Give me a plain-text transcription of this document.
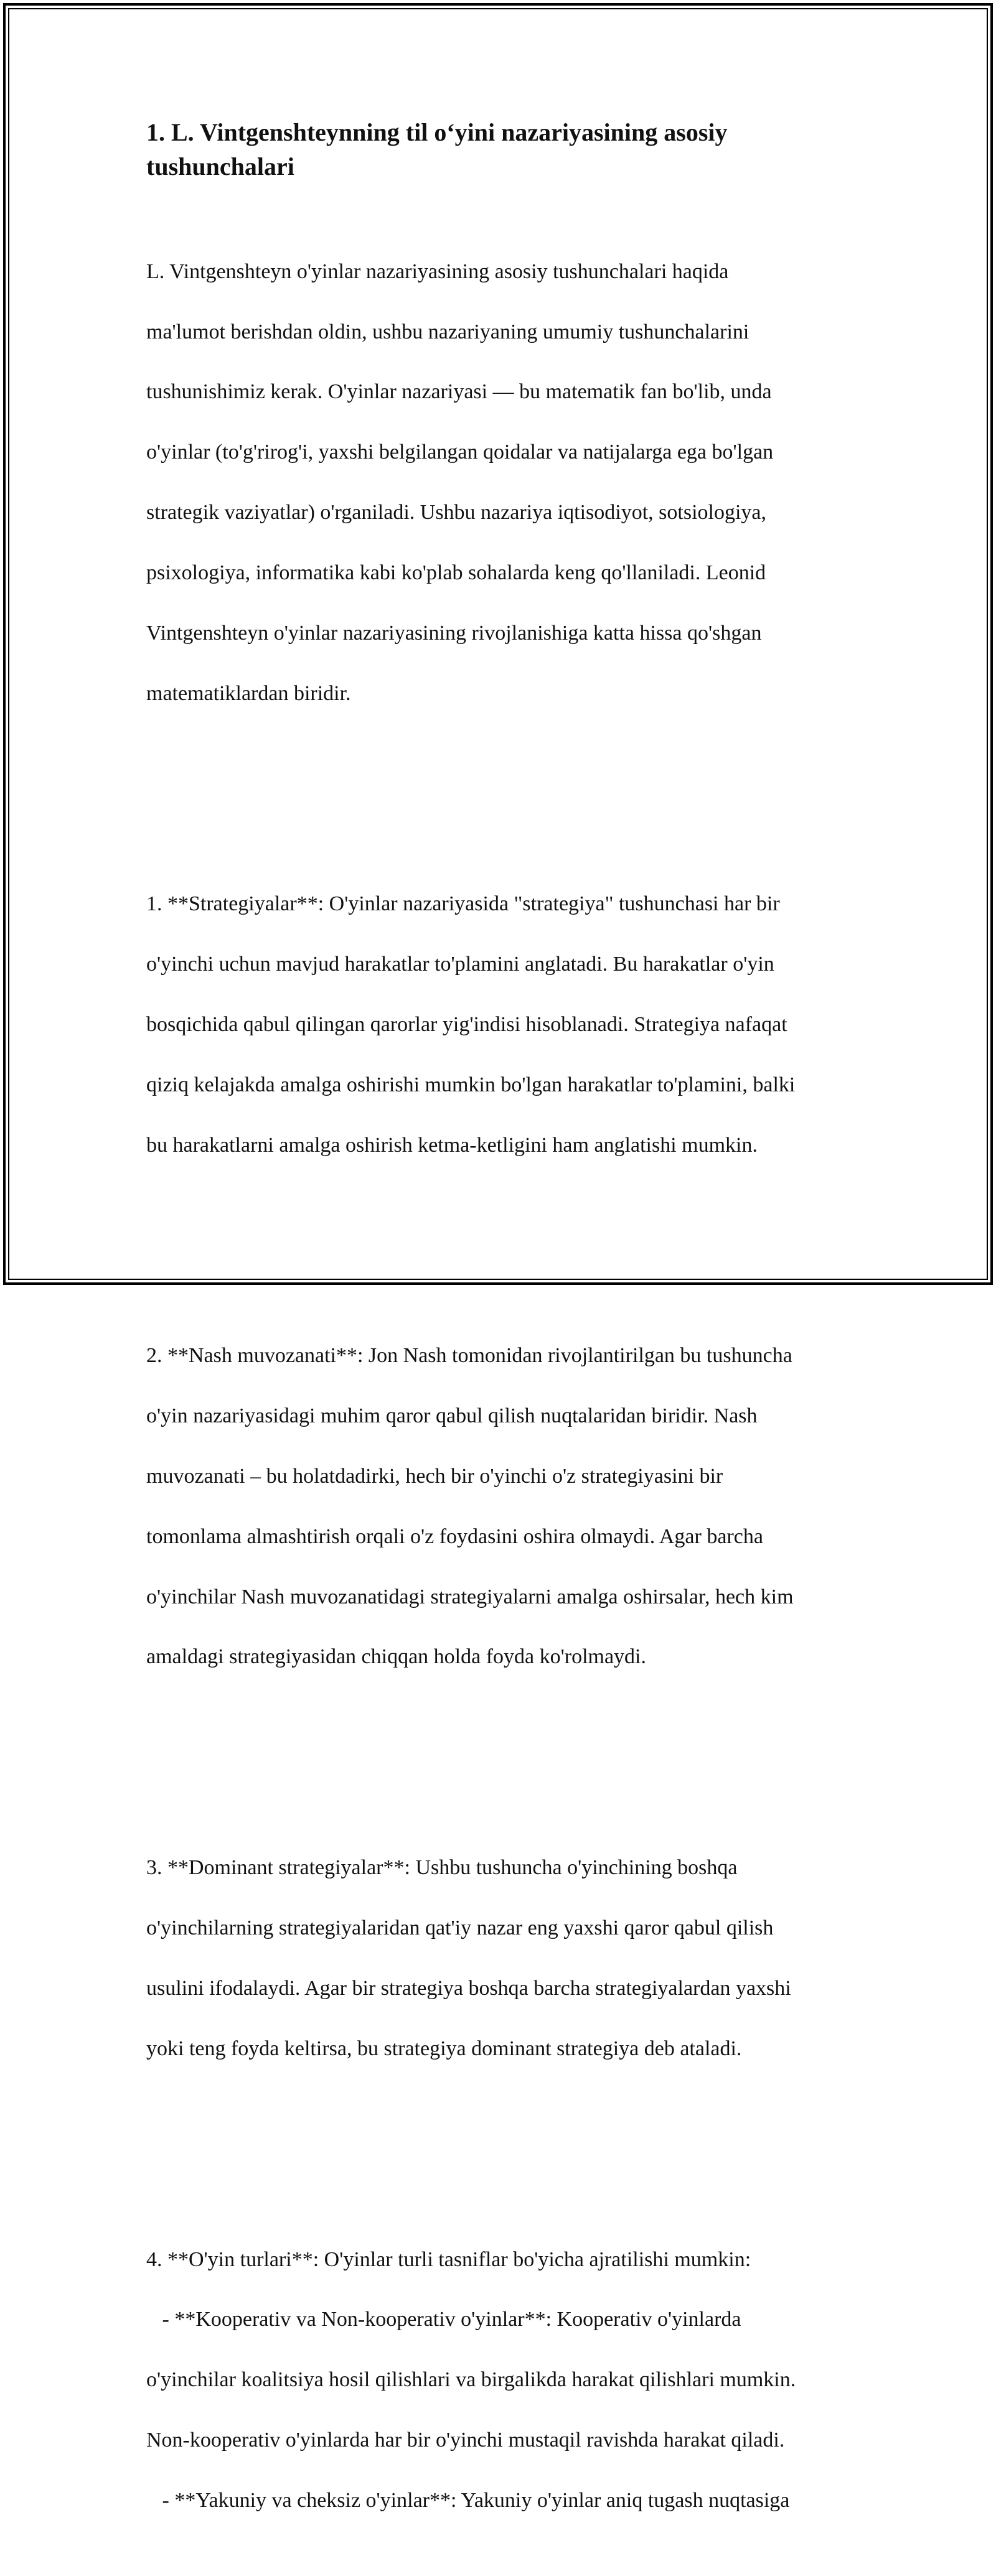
1. L. Vintgenshteynning til o‘yini nazariyasining asosiy
tushunchalari

L. Vintgenshteyn o'yinlar nazariyasining asosiy tushunchalari haqida

ma'lumot berishdan oldin, ushbu nazariyaning umumiy tushunchalarini

tushunishimiz kerak. O'yinlar nazariyasi — bu matematik fan bo'lib, unda

o'yinlar (to'g'rirog'i, yaxshi belgilangan qoidalar va natijalarga ega bo'lgan

strategik vaziyatlar) o'rganiladi. Ushbu nazariya iqtisodiyot, sotsiologiya,

psixologiya, informatika kabi ko'plab sohalarda keng qo'llaniladi. Leonid

Vintgenshteyn o'yinlar nazariyasining rivojlanishiga katta hissa qo'shgan

matematiklardan biridir.

1. **Strategiyalar**: O'yinlar nazariyasida "strategiya" tushunchasi har bir

o'yinchi uchun mavjud harakatlar to'plamini anglatadi. Bu harakatlar o'yin

bosqichida qabul qilingan qarorlar yig'indisi hisoblanadi. Strategiya nafaqat

qiziq kelajakda amalga oshirishi mumkin bo'lgan harakatlar to'plamini, balki

bu harakatlarni amalga oshirish ketma-ketligini ham anglatishi mumkin.

2. **Nash muvozanati**: Jon Nash tomonidan rivojlantirilgan bu tushuncha

o'yin nazariyasidagi muhim qaror qabul qilish nuqtalaridan biridir. Nash

muvozanati – bu holatdadirki, hech bir o'yinchi o'z strategiyasini bir

tomonlama almashtirish orqali o'z foydasini oshira olmaydi. Agar barcha

o'yinchilar Nash muvozanatidagi strategiyalarni amalga oshirsalar, hech kim

amaldagi strategiyasidan chiqqan holda foyda ko'rolmaydi.

3. **Dominant strategiyalar**: Ushbu tushuncha o'yinchining boshqa

o'yinchilarning strategiyalaridan qat'iy nazar eng yaxshi qaror qabul qilish

usulini ifodalaydi. Agar bir strategiya boshqa barcha strategiyalardan yaxshi

yoki teng foyda keltirsa, bu strategiya dominant strategiya deb ataladi.

4. **O'yin turlari**: O'yinlar turli tasniflar bo'yicha ajratilishi mumkin:

- **Kooperativ va Non-kooperativ o'yinlar**: Kooperativ o'yinlarda

o'yinchilar koalitsiya hosil qilishlari va birgalikda harakat qilishlari mumkin.

Non-kooperativ o'yinlarda har bir o'yinchi mustaqil ravishda harakat qiladi.

- **Yakuniy va cheksiz o'yinlar**: Yakuniy o'yinlar aniq tugash nuqtasiga
